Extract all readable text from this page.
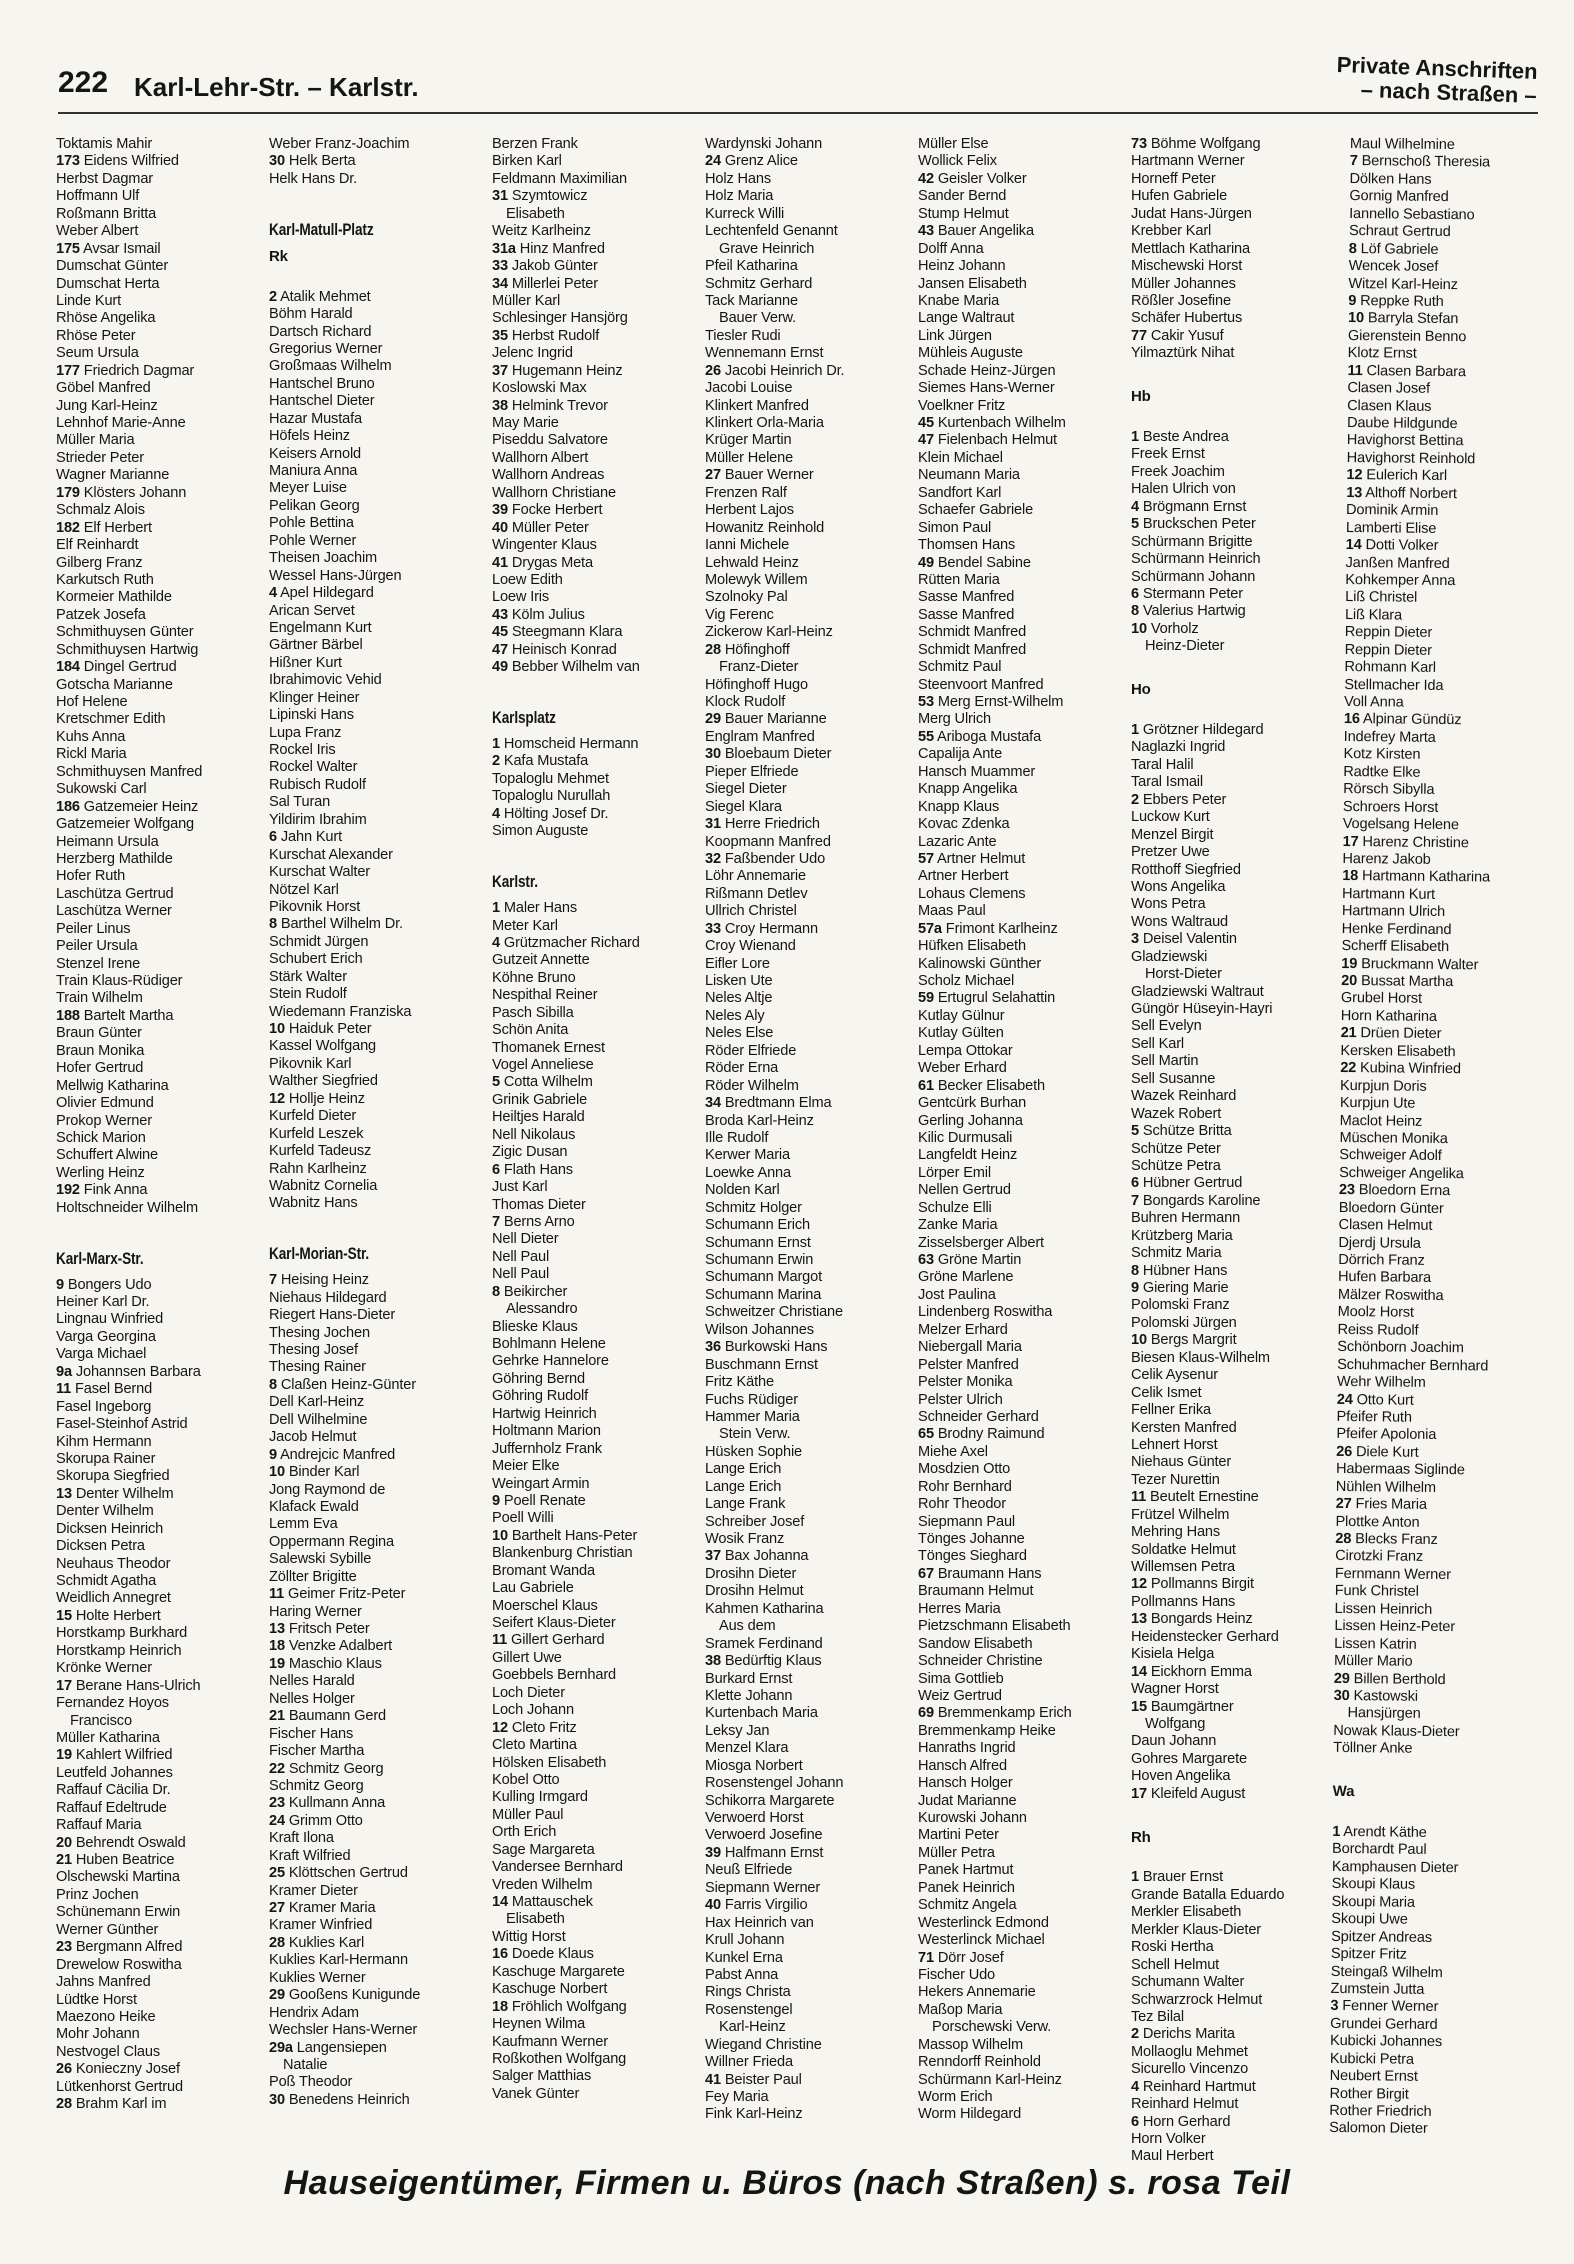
222 Karl-Lehr-Str. – Karlstr.
Private Anschriften
– nach Straßen –
Toktamis Mahir
173 Eidens Wilfried
Herbst Dagmar
Hoffmann Ulf
Roßmann Britta
Weber Albert
175 Avsar Ismail
Dumschat Günter
Dumschat Herta
Linde Kurt
Rhöse Angelika
Rhöse Peter
Seum Ursula
177 Friedrich Dagmar
Göbel Manfred
Jung Karl-Heinz
Lehnhof Marie-Anne
Müller Maria
Strieder Peter
Wagner Marianne
179 Klösters Johann
Schmalz Alois
182 Elf Herbert
Elf Reinhardt
Gilberg Franz
Karkutsch Ruth
Kormeier Mathilde
Patzek Josefa
Schmithuysen Günter
Schmithuysen Hartwig
184 Dingel Gertrud
Gotscha Marianne
Hof Helene
Kretschmer Edith
Kuhs Anna
Rickl Maria
Schmithuysen Manfred
Sukowski Carl
186 Gatzemeier Heinz
Gatzemeier Wolfgang
Heimann Ursula
Herzberg Mathilde
Hofer Ruth
Laschütza Gertrud
Laschütza Werner
Peiler Linus
Peiler Ursula
Stenzel Irene
Train Klaus-Rüdiger
Train Wilhelm
188 Bartelt Martha
Braun Günter
Braun Monika
Hofer Gertrud
Mellwig Katharina
Olivier Edmund
Prokop Werner
Schick Marion
Schuffert Alwine
Werling Heinz
192 Fink Anna
Holtschneider Wilhelm
Karl-Marx-Str.
9 Bongers Udo
Heiner Karl Dr.
Lingnau Winfried
Varga Georgina
Varga Michael
9a Johannsen Barbara
11 Fasel Bernd
Fasel Ingeborg
Fasel-Steinhof Astrid
Kihm Hermann
Skorupa Rainer
Skorupa Siegfried
13 Denter Wilhelm
Denter Wilhelm
Dicksen Heinrich
Dicksen Petra
Neuhaus Theodor
Schmidt Agatha
Weidlich Annegret
15 Holte Herbert
Horstkamp Burkhard
Horstkamp Heinrich
Krönke Werner
17 Berane Hans-Ulrich
Fernandez Hoyos
Francisco
Müller Katharina
19 Kahlert Wilfried
Leutfeld Johannes
Raffauf Cäcilia Dr.
Raffauf Edeltrude
Raffauf Maria
20 Behrendt Oswald
21 Huben Beatrice
Olschewski Martina
Prinz Jochen
Schünemann Erwin
Werner Günther
23 Bergmann Alfred
Drewelow Roswitha
Jahns Manfred
Lüdtke Horst
Maezono Heike
Mohr Johann
Nestvogel Claus
26 Konieczny Josef
Lütkenhorst Gertrud
28 Brahm Karl im
Weber Franz-Joachim
30 Helk Berta
Helk Hans Dr.
Karl-Matull-Platz
Rk
2 Atalik Mehmet
Böhm Harald
Dartsch Richard
Gregorius Werner
Großmaas Wilhelm
Hantschel Bruno
Hantschel Dieter
Hazar Mustafa
Höfels Heinz
Keisers Arnold
Maniura Anna
Meyer Luise
Pelikan Georg
Pohle Bettina
Pohle Werner
Theisen Joachim
Wessel Hans-Jürgen
4 Apel Hildegard
Arican Servet
Engelmann Kurt
Gärtner Bärbel
Hißner Kurt
Ibrahimovic Vehid
Klinger Heiner
Lipinski Hans
Lupa Franz
Rockel Iris
Rockel Walter
Rubisch Rudolf
Sal Turan
Yildirim Ibrahim
6 Jahn Kurt
Kurschat Alexander
Kurschat Walter
Nötzel Karl
Pikovnik Horst
8 Barthel Wilhelm Dr.
Schmidt Jürgen
Schubert Erich
Stärk Walter
Stein Rudolf
Wiedemann Franziska
10 Haiduk Peter
Kassel Wolfgang
Pikovnik Karl
Walther Siegfried
12 Hollje Heinz
Kurfeld Dieter
Kurfeld Leszek
Kurfeld Tadeusz
Rahn Karlheinz
Wabnitz Cornelia
Wabnitz Hans
Karl-Morian-Str.
7 Heising Heinz
Niehaus Hildegard
Riegert Hans-Dieter
Thesing Jochen
Thesing Josef
Thesing Rainer
8 Claßen Heinz-Günter
Dell Karl-Heinz
Dell Wilhelmine
Jacob Helmut
9 Andrejcic Manfred
10 Binder Karl
Jong Raymond de
Klafack Ewald
Lemm Eva
Oppermann Regina
Salewski Sybille
Zöllter Brigitte
11 Geimer Fritz-Peter
Haring Werner
13 Fritsch Peter
18 Venzke Adalbert
19 Maschio Klaus
Nelles Harald
Nelles Holger
21 Baumann Gerd
Fischer Hans
Fischer Martha
22 Schmitz Georg
Schmitz Georg
23 Kullmann Anna
24 Grimm Otto
Kraft Ilona
Kraft Wilfried
25 Klöttschen Gertrud
Kramer Dieter
27 Kramer Maria
Kramer Winfried
28 Kuklies Karl
Kuklies Karl-Hermann
Kuklies Werner
29 Gooßens Kunigunde
Hendrix Adam
Wechsler Hans-Werner
29a Langensiepen
Natalie
Poß Theodor
30 Benedens Heinrich
Berzen Frank
Birken Karl
Feldmann Maximilian
31 Szymtowicz
Elisabeth
Weitz Karlheinz
31a Hinz Manfred
33 Jakob Günter
34 Millerlei Peter
Müller Karl
Schlesinger Hansjörg
35 Herbst Rudolf
Jelenc Ingrid
37 Hugemann Heinz
Koslowski Max
38 Helmink Trevor
May Marie
Piseddu Salvatore
Wallhorn Albert
Wallhorn Andreas
Wallhorn Christiane
39 Focke Herbert
40 Müller Peter
Wingenter Klaus
41 Drygas Meta
Loew Edith
Loew Iris
43 Kölm Julius
45 Steegmann Klara
47 Heinisch Konrad
49 Bebber Wilhelm van
Karlsplatz
1 Homscheid Hermann
2 Kafa Mustafa
Topaloglu Mehmet
Topaloglu Nurullah
4 Hölting Josef Dr.
Simon Auguste
Karlstr.
1 Maler Hans
Meter Karl
4 Grützmacher Richard
Gutzeit Annette
Köhne Bruno
Nespithal Reiner
Pasch Sibilla
Schön Anita
Thomanek Ernest
Vogel Anneliese
5 Cotta Wilhelm
Grinik Gabriele
Heiltjes Harald
Nell Nikolaus
Zigic Dusan
6 Flath Hans
Just Karl
Thomas Dieter
7 Berns Arno
Nell Dieter
Nell Paul
Nell Paul
8 Beikircher
Alessandro
Blieske Klaus
Bohlmann Helene
Gehrke Hannelore
Göhring Bernd
Göhring Rudolf
Hartwig Heinrich
Holtmann Marion
Juffernholz Frank
Meier Elke
Weingart Armin
9 Poell Renate
Poell Willi
10 Barthelt Hans-Peter
Blankenburg Christian
Bromant Wanda
Lau Gabriele
Moerschel Klaus
Seifert Klaus-Dieter
11 Gillert Gerhard
Gillert Uwe
Goebbels Bernhard
Loch Dieter
Loch Johann
12 Cleto Fritz
Cleto Martina
Hölsken Elisabeth
Kobel Otto
Kulling Irmgard
Müller Paul
Orth Erich
Sage Margareta
Vandersee Bernhard
Vreden Wilhelm
14 Mattauschek
Elisabeth
Wittig Horst
16 Doede Klaus
Kaschuge Margarete
Kaschuge Norbert
18 Fröhlich Wolfgang
Heynen Wilma
Kaufmann Werner
Roßkothen Wolfgang
Salger Matthias
Vanek Günter
Wardynski Johann
24 Grenz Alice
Holz Hans
Holz Maria
Kurreck Willi
Lechtenfeld Genannt
Grave Heinrich
Pfeil Katharina
Schmitz Gerhard
Tack Marianne
Bauer Verw.
Tiesler Rudi
Wennemann Ernst
26 Jacobi Heinrich Dr.
Jacobi Louise
Klinkert Manfred
Klinkert Orla-Maria
Krüger Martin
Müller Helene
27 Bauer Werner
Frenzen Ralf
Herbent Lajos
Howanitz Reinhold
Ianni Michele
Lehwald Heinz
Molewyk Willem
Szolnoky Pal
Vig Ferenc
Zickerow Karl-Heinz
28 Höfinghoff
Franz-Dieter
Höfinghoff Hugo
Klock Rudolf
29 Bauer Marianne
Englram Manfred
30 Bloebaum Dieter
Pieper Elfriede
Siegel Dieter
Siegel Klara
31 Herre Friedrich
Koopmann Manfred
32 Faßbender Udo
Löhr Annemarie
Rißmann Detlev
Ullrich Christel
33 Croy Hermann
Croy Wienand
Eifler Lore
Lisken Ute
Neles Altje
Neles Aly
Neles Else
Röder Elfriede
Röder Erna
Röder Wilhelm
34 Bredtmann Elma
Broda Karl-Heinz
Ille Rudolf
Kerwer Maria
Loewke Anna
Nolden Karl
Schmitz Holger
Schumann Erich
Schumann Ernst
Schumann Erwin
Schumann Margot
Schumann Marina
Schweitzer Christiane
Wilson Johannes
36 Burkowski Hans
Buschmann Ernst
Fritz Käthe
Fuchs Rüdiger
Hammer Maria
Stein Verw.
Hüsken Sophie
Lange Erich
Lange Erich
Lange Frank
Schreiber Josef
Wosik Franz
37 Bax Johanna
Drosihn Dieter
Drosihn Helmut
Kahmen Katharina
Aus dem
Sramek Ferdinand
38 Bedürftig Klaus
Burkard Ernst
Klette Johann
Kurtenbach Maria
Leksy Jan
Menzel Klara
Miosga Norbert
Rosenstengel Johann
Schikorra Margarete
Verwoerd Horst
Verwoerd Josefine
39 Halfmann Ernst
Neuß Elfriede
Siepmann Werner
40 Farris Virgilio
Hax Heinrich van
Krull Johann
Kunkel Erna
Pabst Anna
Rings Christa
Rosenstengel
Karl-Heinz
Wiegand Christine
Willner Frieda
41 Beister Paul
Fey Maria
Fink Karl-Heinz
Müller Else
Wollick Felix
42 Geisler Volker
Sander Bernd
Stump Helmut
43 Bauer Angelika
Dolff Anna
Heinz Johann
Jansen Elisabeth
Knabe Maria
Lange Waltraut
Link Jürgen
Mühleis Auguste
Schade Heinz-Jürgen
Siemes Hans-Werner
Voelkner Fritz
45 Kurtenbach Wilhelm
47 Fielenbach Helmut
Klein Michael
Neumann Maria
Sandfort Karl
Schaefer Gabriele
Simon Paul
Thomsen Hans
49 Bendel Sabine
Rütten Maria
Sasse Manfred
Sasse Manfred
Schmidt Manfred
Schmidt Manfred
Schmitz Paul
Steenvoort Manfred
53 Merg Ernst-Wilhelm
Merg Ulrich
55 Ariboga Mustafa
Capalija Ante
Hansch Muammer
Knapp Angelika
Knapp Klaus
Kovac Zdenka
Lazaric Ante
57 Artner Helmut
Artner Herbert
Lohaus Clemens
Maas Paul
57a Frimont Karlheinz
Hüfken Elisabeth
Kalinowski Günther
Scholz Michael
59 Ertugrul Selahattin
Kutlay Gülnur
Kutlay Gülten
Lempa Ottokar
Weber Erhard
61 Becker Elisabeth
Gentcürk Burhan
Gerling Johanna
Kilic Durmusali
Langfeldt Heinz
Lörper Emil
Nellen Gertrud
Schulze Elli
Zanke Maria
Zisselsberger Albert
63 Gröne Martin
Gröne Marlene
Jost Paulina
Lindenberg Roswitha
Melzer Erhard
Niebergall Maria
Pelster Manfred
Pelster Monika
Pelster Ulrich
Schneider Gerhard
65 Brodny Raimund
Miehe Axel
Mosdzien Otto
Rohr Bernhard
Rohr Theodor
Siepmann Paul
Tönges Johanne
Tönges Sieghard
67 Braumann Hans
Braumann Helmut
Herres Maria
Pietzschmann Elisabeth
Sandow Elisabeth
Schneider Christine
Sima Gottlieb
Weiz Gertrud
69 Bremmenkamp Erich
Bremmenkamp Heike
Hanraths Ingrid
Hansch Alfred
Hansch Holger
Judat Marianne
Kurowski Johann
Martini Peter
Müller Petra
Panek Hartmut
Panek Heinrich
Schmitz Angela
Westerlinck Edmond
Westerlinck Michael
71 Dörr Josef
Fischer Udo
Hekers Annemarie
Maßop Maria
Porschewski Verw.
Massop Wilhelm
Renndorff Reinhold
Schürmann Karl-Heinz
Worm Erich
Worm Hildegard
73 Böhme Wolfgang
Hartmann Werner
Horneff Peter
Hufen Gabriele
Judat Hans-Jürgen
Krebber Karl
Mettlach Katharina
Mischewski Horst
Müller Johannes
Rößler Josefine
Schäfer Hubertus
77 Cakir Yusuf
Yilmaztürk Nihat
Hb
1 Beste Andrea
Freek Ernst
Freek Joachim
Halen Ulrich von
4 Brögmann Ernst
5 Bruckschen Peter
Schürmann Brigitte
Schürmann Heinrich
Schürmann Johann
6 Stermann Peter
8 Valerius Hartwig
10 Vorholz
Heinz-Dieter
Ho
1 Grötzner Hildegard
Naglazki Ingrid
Taral Halil
Taral Ismail
2 Ebbers Peter
Luckow Kurt
Menzel Birgit
Pretzer Uwe
Rotthoff Siegfried
Wons Angelika
Wons Petra
Wons Waltraud
3 Deisel Valentin
Gladziewski
Horst-Dieter
Gladziewski Waltraut
Güngör Hüseyin-Hayri
Sell Evelyn
Sell Karl
Sell Martin
Sell Susanne
Wazek Reinhard
Wazek Robert
5 Schütze Britta
Schütze Peter
Schütze Petra
6 Hübner Gertrud
7 Bongards Karoline
Buhren Hermann
Krützberg Maria
Schmitz Maria
8 Hübner Hans
9 Giering Marie
Polomski Franz
Polomski Jürgen
10 Bergs Margrit
Biesen Klaus-Wilhelm
Celik Aysenur
Celik Ismet
Fellner Erika
Kersten Manfred
Lehnert Horst
Niehaus Günter
Tezer Nurettin
11 Beutelt Ernestine
Frützel Wilhelm
Mehring Hans
Soldatke Helmut
Willemsen Petra
12 Pollmanns Birgit
Pollmanns Hans
13 Bongards Heinz
Heidenstecker Gerhard
Kisiela Helga
14 Eickhorn Emma
Wagner Horst
15 Baumgärtner
Wolfgang
Daun Johann
Gohres Margarete
Hoven Angelika
17 Kleifeld August
Rh
1 Brauer Ernst
Grande Batalla Eduardo
Merkler Elisabeth
Merkler Klaus-Dieter
Roski Hertha
Schell Helmut
Schumann Walter
Schwarzrock Helmut
Tez Bilal
2 Derichs Marita
Mollaoglu Mehmet
Sicurello Vincenzo
4 Reinhard Hartmut
Reinhard Helmut
6 Horn Gerhard
Horn Volker
Maul Herbert
Maul Wilhelmine
7 Bernschoß Theresia
Dölken Hans
Gornig Manfred
Iannello Sebastiano
Schraut Gertrud
8 Löf Gabriele
Wencek Josef
Witzel Karl-Heinz
9 Reppke Ruth
10 Barryla Stefan
Gierenstein Benno
Klotz Ernst
11 Clasen Barbara
Clasen Josef
Clasen Klaus
Daube Hildgunde
Havighorst Bettina
Havighorst Reinhold
12 Eulerich Karl
13 Althoff Norbert
Dominik Armin
Lamberti Elise
14 Dotti Volker
Janßen Manfred
Kohkemper Anna
Liß Christel
Liß Klara
Reppin Dieter
Reppin Dieter
Rohmann Karl
Stellmacher Ida
Voll Anna
16 Alpinar Gündüz
Indefrey Marta
Kotz Kirsten
Radtke Elke
Rörsch Sibylla
Schroers Horst
Vogelsang Helene
17 Harenz Christine
Harenz Jakob
18 Hartmann Katharina
Hartmann Kurt
Hartmann Ulrich
Henke Ferdinand
Scherff Elisabeth
19 Bruckmann Walter
20 Bussat Martha
Grubel Horst
Horn Katharina
21 Drüen Dieter
Kersken Elisabeth
22 Kubina Winfried
Kurpjun Doris
Kurpjun Ute
Maclot Heinz
Müschen Monika
Schweiger Adolf
Schweiger Angelika
23 Bloedorn Erna
Bloedorn Günter
Clasen Helmut
Djerdj Ursula
Dörrich Franz
Hufen Barbara
Mälzer Roswitha
Moolz Horst
Reiss Rudolf
Schönborn Joachim
Schuhmacher Bernhard
Wehr Wilhelm
24 Otto Kurt
Pfeifer Ruth
Pfeifer Apolonia
26 Diele Kurt
Habermaas Siglinde
Nühlen Wilhelm
27 Fries Maria
Plottke Anton
28 Blecks Franz
Cirotzki Franz
Fernmann Werner
Funk Christel
Lissen Heinrich
Lissen Heinz-Peter
Lissen Katrin
Müller Mario
29 Billen Berthold
30 Kastowski
Hansjürgen
Nowak Klaus-Dieter
Töllner Anke
Wa
1 Arendt Käthe
Borchardt Paul
Kamphausen Dieter
Skoupi Klaus
Skoupi Maria
Skoupi Uwe
Spitzer Andreas
Spitzer Fritz
Steingaß Wilhelm
Zumstein Jutta
3 Fenner Werner
Grundei Gerhard
Kubicki Johannes
Kubicki Petra
Neubert Ernst
Rother Birgit
Rother Friedrich
Salomon Dieter
Hauseigentümer, Firmen u. Büros (nach Straßen) s. rosa Teil
